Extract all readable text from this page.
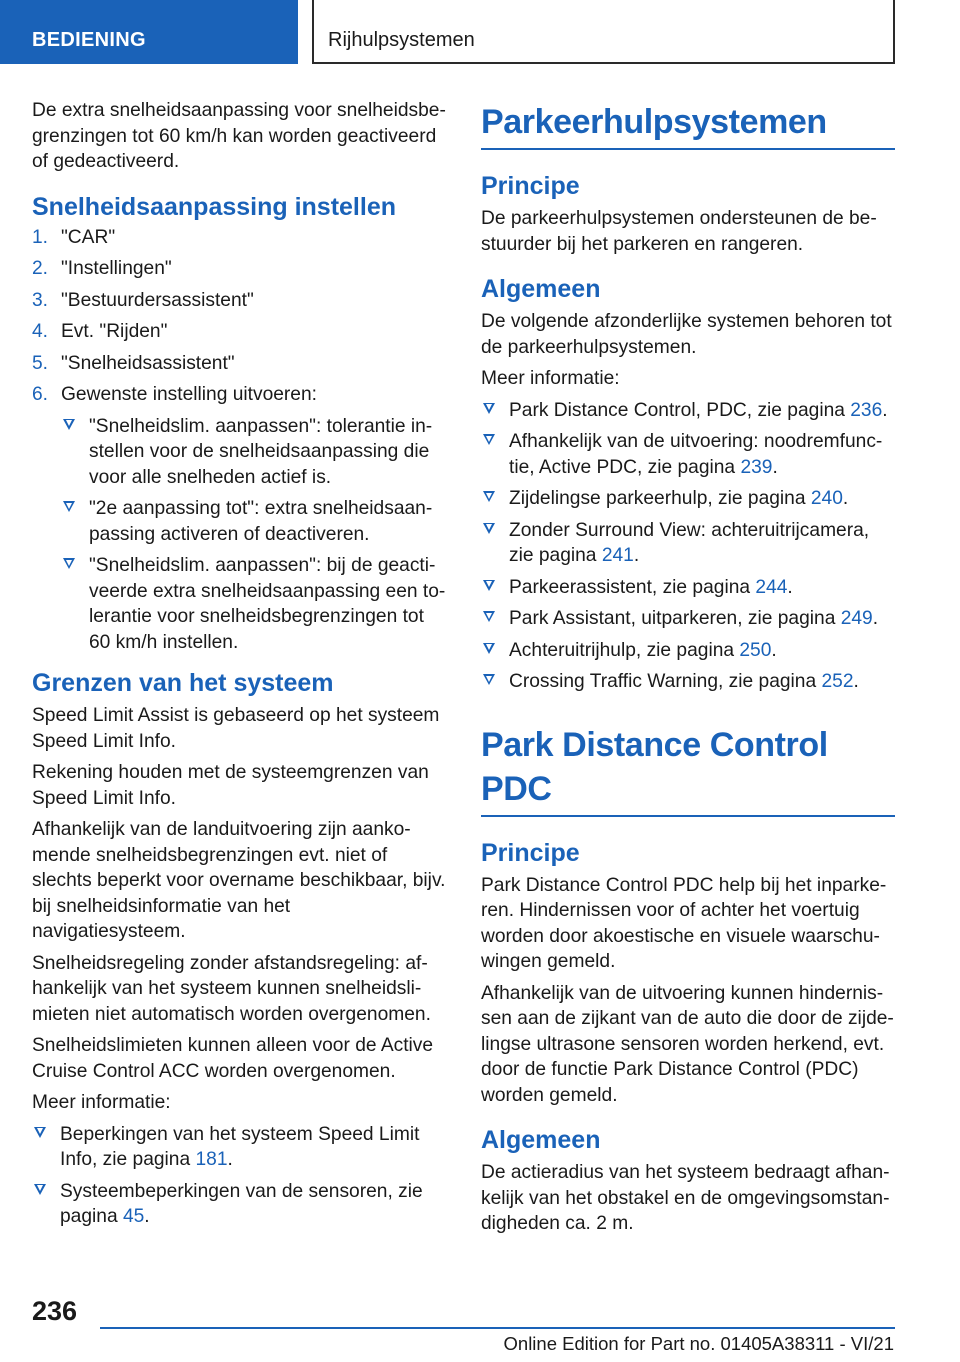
BEDIENING	Rijhulpsystemen

De extra snelheidsaanpassing voor snelheidsbe-grenzingen tot 60 km/h kan worden geactiveerd of gedeactiveerd.

Snelheidsaanpassing instellen
1. "CAR"
2. "Instellingen"
3. "Bestuurdersassistent"
4. Evt. "Rijden"
5. "Snelheidsassistent"
6. Gewenste instelling uitvoeren:
"Snelheidslim. aanpassen": tolerantie in-stellen voor de snelheidsaanpassing die voor alle snelheden actief is.
"2e aanpassing tot": extra snelheidsaan-passing activeren of deactiveren.
"Snelheidslim. aanpassen": bij de geacti-veerde extra snelheidsaanpassing een to-lerantie voor snelheidsbegrenzingen tot 60 km/h instellen.
Grenzen van het systeem

Speed Limit Assist is gebaseerd op het systeem Speed Limit Info.

Rekening houden met de systeemgrenzen van Speed Limit Info.

Afhankelijk van de landuitvoering zijn aanko-mende snelheidsbegrenzingen evt. niet of slechts beperkt voor overname beschikbaar, bijv. bij snelheidsinformatie van het navigatiesysteem.

Snelheidsregeling zonder afstandsregeling: af-hankelijk van het systeem kunnen snelheidsli-mieten niet automatisch worden overgenomen.

Snelheidslimieten kunnen alleen voor de Active Cruise Control ACC worden overgenomen.

Meer informatie:

Beperkingen van het systeem Speed Limit Info, zie pagina 181.
Systeembeperkingen van de sensoren, zie pagina 45.
Parkeerhulpsystemen
Principe

De parkeerhulpsystemen ondersteunen de be-stuurder bij het parkeren en rangeren.

Algemeen

De volgende afzonderlijke systemen behoren tot de parkeerhulpsystemen.

Meer informatie:

Park Distance Control, PDC, zie pagina 236.
Afhankelijk van de uitvoering: noodremfunc-tie, Active PDC, zie pagina 239.
Zijdelingse parkeerhulp, zie pagina 240.
Zonder Surround View: achteruitrijcamera, zie pagina 241.
Parkeerassistent, zie pagina 244.
Park Assistant, uitparkeren, zie pagina 249.
Achteruitrijhulp, zie pagina 250.
Crossing Traffic Warning, zie pagina 252.
Park Distance Control PDC
Principe

Park Distance Control PDC help bij het inparke-ren. Hindernissen voor of achter het voertuig worden door akoestische en visuele waarschu-wingen gemeld.

Afhankelijk van de uitvoering kunnen hindernis-sen aan de zijkant van de auto die door de zijde-lingse ultrasone sensoren worden herkend, evt. door de functie Park Distance Control (PDC) worden gemeld.

Algemeen

De actieradius van het systeem bedraagt afhan-kelijk van het obstakel en de omgevingsomstan-digheden ca. 2 m.

236
Online Edition for Part no. 01405A38311 - VI/21
